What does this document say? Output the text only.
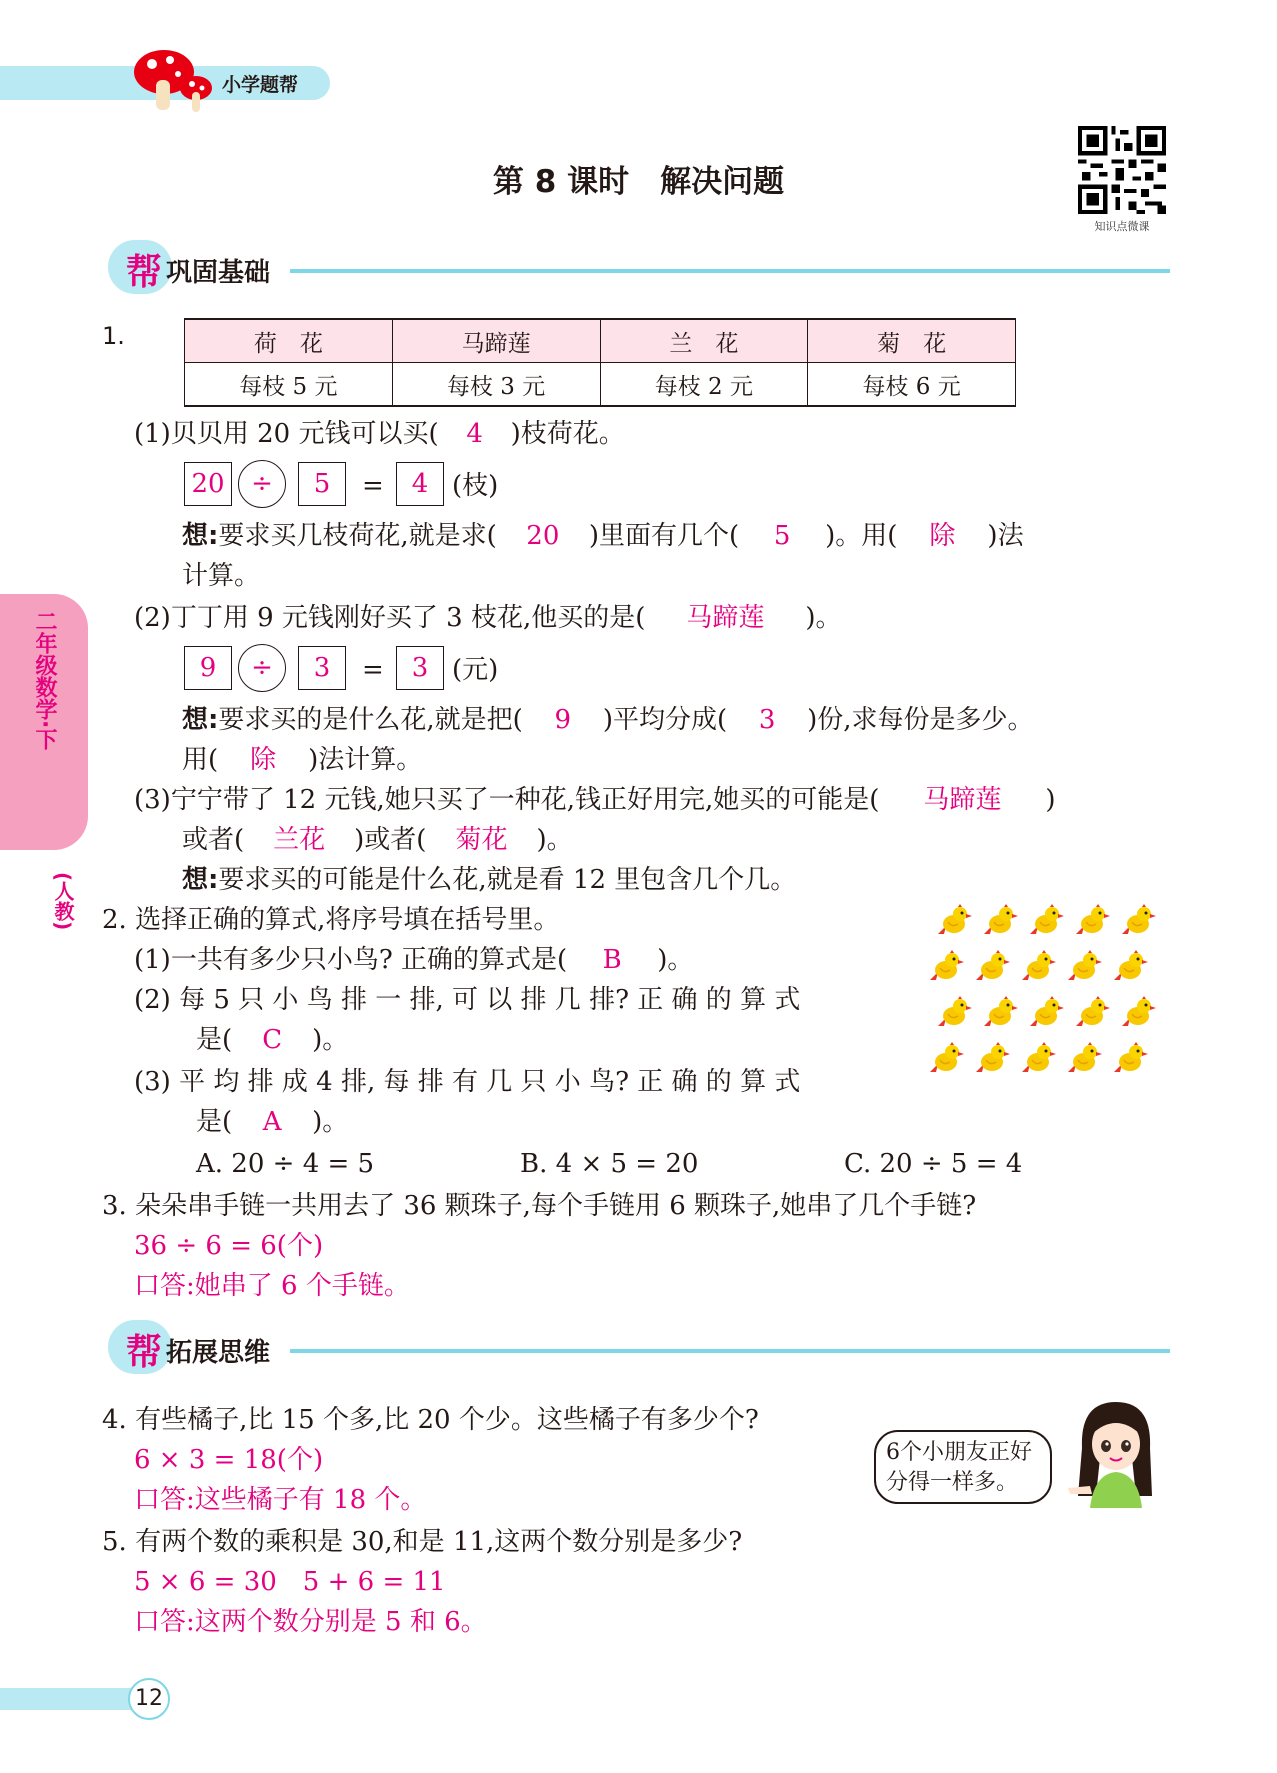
小学题帮
第 8 课时　解决问题
知识点微课
二年级数学·下
(人教)
帮 巩固基础
1.	荷　花	马蹄莲	兰　花	菊　花
每枝 5 元	每枝 3 元	每枝 2 元	每枝 6 元
(1)贝贝用 20 元钱可以买( 4 )枝荷花。
20	÷	5	=	4 (枝)
想:要求买几枝荷花,就是求( 20 )里面有几个( 5 )。用( 除 )法
计算。
(2)丁丁用 9 元钱刚好买了 3 枝花,他买的是( 马蹄莲 )。
9	÷	3	=	3 (元)
想:要求买的是什么花,就是把( 9 )平均分成( 3 )份,求每份是多少。
用( 除 )法计算。
(3)宁宁带了 12 元钱,她只买了一种花,钱正好用完,她买的可能是( 马蹄莲 )
或者( 兰花 )或者( 菊花 )。
想:要求买的可能是什么花,就是看 12 里包含几个几。
2. 选择正确的算式,将序号填在括号里。
(1)一共有多少只小鸟? 正确的算式是( B )。
(2) 每 5 只 小 鸟 排 一 排, 可 以 排 几 排? 正 确 的 算 式
是( C )。
(3) 平 均 排 成 4 排, 每 排 有 几 只 小 鸟? 正 确 的 算 式
是( A )。
A. 20 ÷ 4 = 5	B. 4 × 5 = 20	C. 20 ÷ 5 = 4
3. 朵朵串手链一共用去了 36 颗珠子,每个手链用 6 颗珠子,她串了几个手链?
36 ÷ 6 = 6(个)
口答:她串了 6 个手链。
帮 拓展思维
4. 有些橘子,比 15 个多,比 20 个少。这些橘子有多少个?
6 × 3 = 18(个)
口答:这些橘子有 18 个。
6个小朋友正好
分得一样多。
5. 有两个数的乘积是 30,和是 11,这两个数分别是多少?
5 × 6 = 30　5 + 6 = 11
口答:这两个数分别是 5 和 6。
12
